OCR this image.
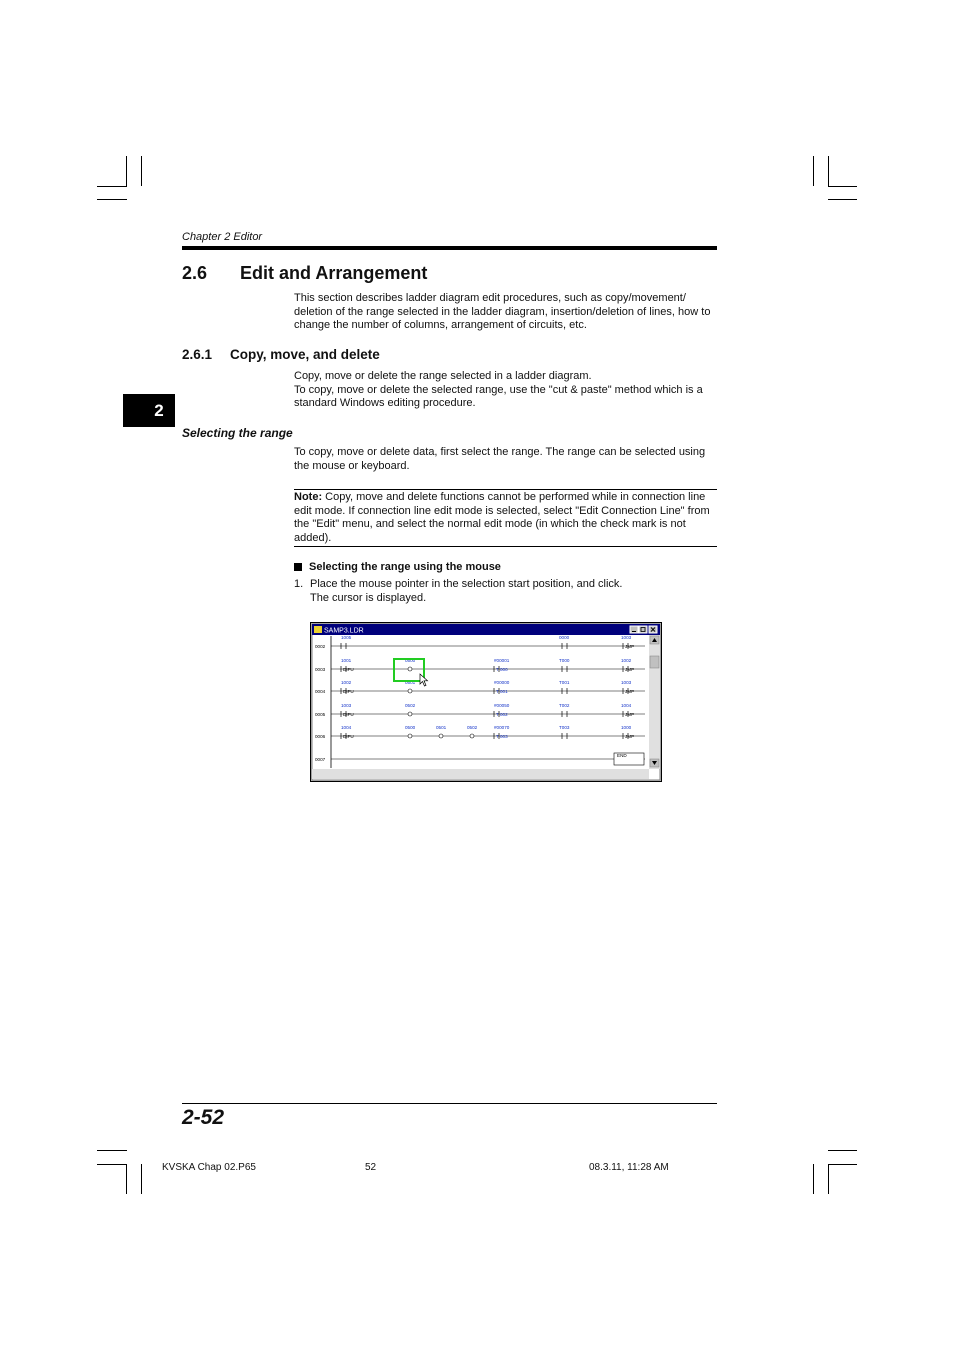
Chapter 2 Editor
2.6 Edit and Arrangement
This section describes ladder diagram edit procedures, such as copy/movement/ deletion of the range selected in the ladder diagram, insertion/deletion of lines, how to change the number of columns, arrangement of circuits, etc.
2.6.1 Copy, move, and delete
Copy, move or delete the range selected in a ladder diagram.
To copy, move or delete the selected range, use the "cut & paste" method which is a standard Windows editing procedure.
2
Selecting the range
To copy, move or delete data, first select the range. The range can be selected using the mouse or keyboard.
Note: Copy, move and delete functions cannot be performed while in connection line edit mode. If connection line edit mode is selected, select "Edit Connection Line" from the "Edit" menu, and select the normal edit mode (in which the check mark is not added).
Selecting the range using the mouse
1. Place the mouse pointer in the selection start position, and click.
The cursor is displayed.
SAMP3.LDR
0002
1005	0000	1003
JMP
0003
1001
DIFU
0500	#00001
T 000
T000	1002
JMP
0004
1002
DIFU
0501	#00000
T 001
T001	1003
JMP
0005
1003
DIFU
0502	#00050
T 002
T002	1004
JMP
0006
1004
DIFU
0500	0501	0502	#00070
T 003
T003	1000
JMP
0007
END
2-52
KVSKA Chap 02.P65	52	08.3.11, 11:28 AM
